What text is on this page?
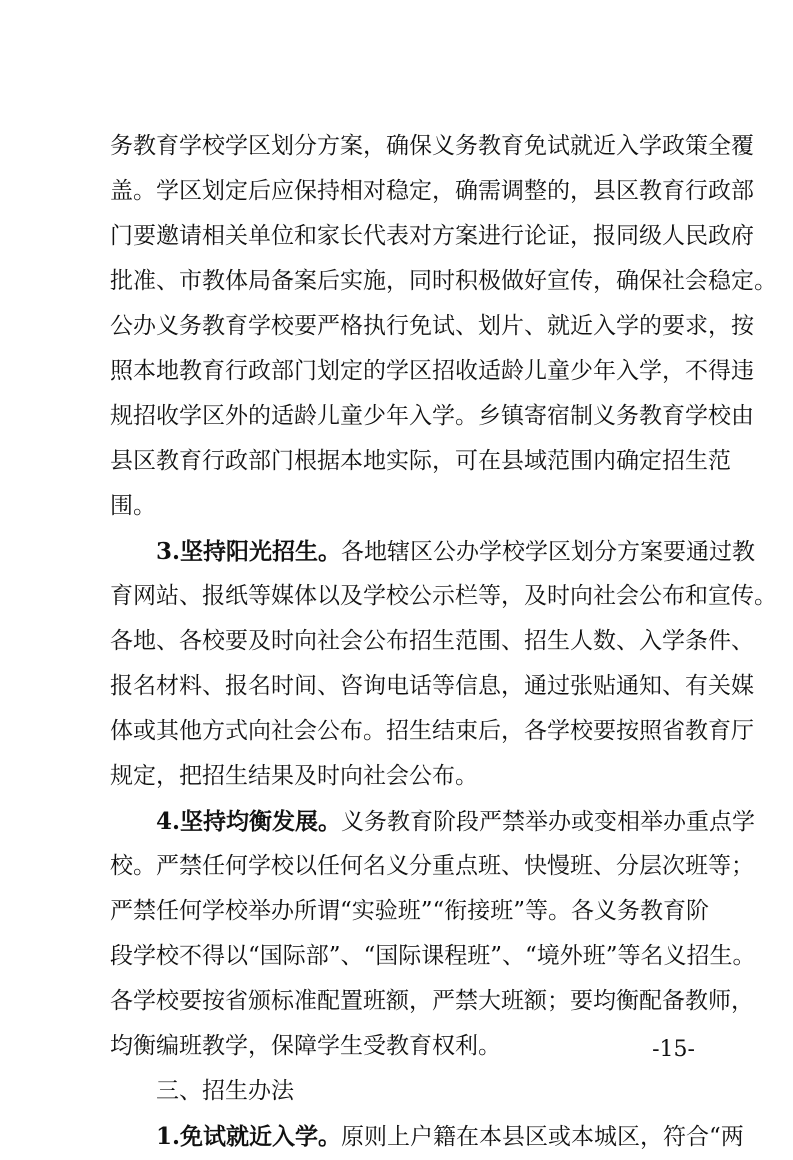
务教育学校学区划分方案，确保义务教育免试就近入学政策全覆
盖。学区划定后应保持相对稳定，确需调整的，县区教育行政部
门要邀请相关单位和家长代表对方案进行论证，报同级人民政府
批准、市教体局备案后实施，同时积极做好宣传，确保社会稳定。
公办义务教育学校要严格执行免试、划片、就近入学的要求，按
照本地教育行政部门划定的学区招收适龄儿童少年入学，不得违
规招收学区外的适龄儿童少年入学。乡镇寄宿制义务教育学校由
县区教育行政部门根据本地实际，可在县域范围内确定招生范
围。
3.坚持阳光招生。各地辖区公办学校学区划分方案要通过教
育网站、报纸等媒体以及学校公示栏等，及时向社会公布和宣传。
各地、各校要及时向社会公布招生范围、招生人数、入学条件、
报名材料、报名时间、咨询电话等信息，通过张贴通知、有关媒
体或其他方式向社会公布。招生结束后，各学校要按照省教育厅
规定，把招生结果及时向社会公布。
4.坚持均衡发展。义务教育阶段严禁举办或变相举办重点学
校。严禁任何学校以任何名义分重点班、快慢班、分层次班等；
严禁任何学校举办所谓“实验班”“衔接班”等。各义务教育阶
段学校不得以“国际部”、“国际课程班”、“境外班”等名义招生。
各学校要按省颁标准配置班额，严禁大班额；要均衡配备教师，
均衡编班教学，保障学生受教育权利。
三、招生办法
1.免试就近入学。原则上户籍在本县区或本城区，符合“两
-15-
